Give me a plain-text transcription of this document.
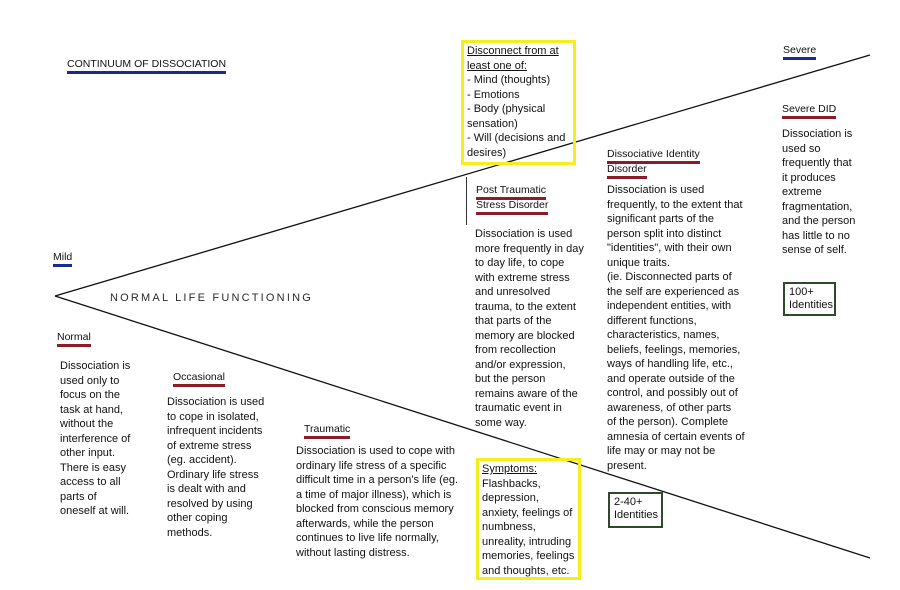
CONTINUUM OF DISSOCIATION
Mild
Severe
NORMAL LIFE FUNCTIONING
Disconnect from at
least one of:
- Mind (thoughts)
- Emotions
- Body (physical
sensation)
- Will (decisions and
desires)
Normal
Dissociation is
used only to
focus on the
task at hand,
without the
interference of
other input.
There is easy
access to all
parts of
oneself at will.
Occasional
Dissociation is used
to cope in isolated,
infrequent incidents
of extreme stress
(eg. accident).
Ordinary life stress
is dealt with and
resolved by using
other coping
methods.
Traumatic
Dissociation is used to cope with
ordinary life stress of a specific
difficult time in a person's life (eg.
a time of major illness), which is
blocked from conscious memory
afterwards, while the person
continues to live life normally,
without lasting distress.
Post Traumatic
Stress Disorder
Dissociation is used
more frequently in day
to day life, to cope
with extreme stress
and unresolved
trauma, to the extent
that parts of the
memory are blocked
from recollection
and/or expression,
but the person
remains aware of the
traumatic event in
some way.
Symptoms:
Flashbacks,
depression,
anxiety, feelings of
numbness,
unreality, intruding
memories, feelings
and thoughts, etc.
Dissociative Identity
Disorder
Dissociation is used
frequently, to the extent that
significant parts of the
person split into distinct
"identities", with their own
unique traits.
(ie. Disconnected parts of
the self are experienced as
independent entities, with
different functions,
characteristics, names,
beliefs, feelings, memories,
ways of handling life, etc.,
and operate outside of the
control, and possibly out of
awareness, of other parts
of the person). Complete
amnesia of certain events of
life may or may not be
present.
2-40+
Identities
Severe DID
Dissociation is
used so
frequently that
it produces
extreme
fragmentation,
and the person
has little to no
sense of self.
100+
Identities
